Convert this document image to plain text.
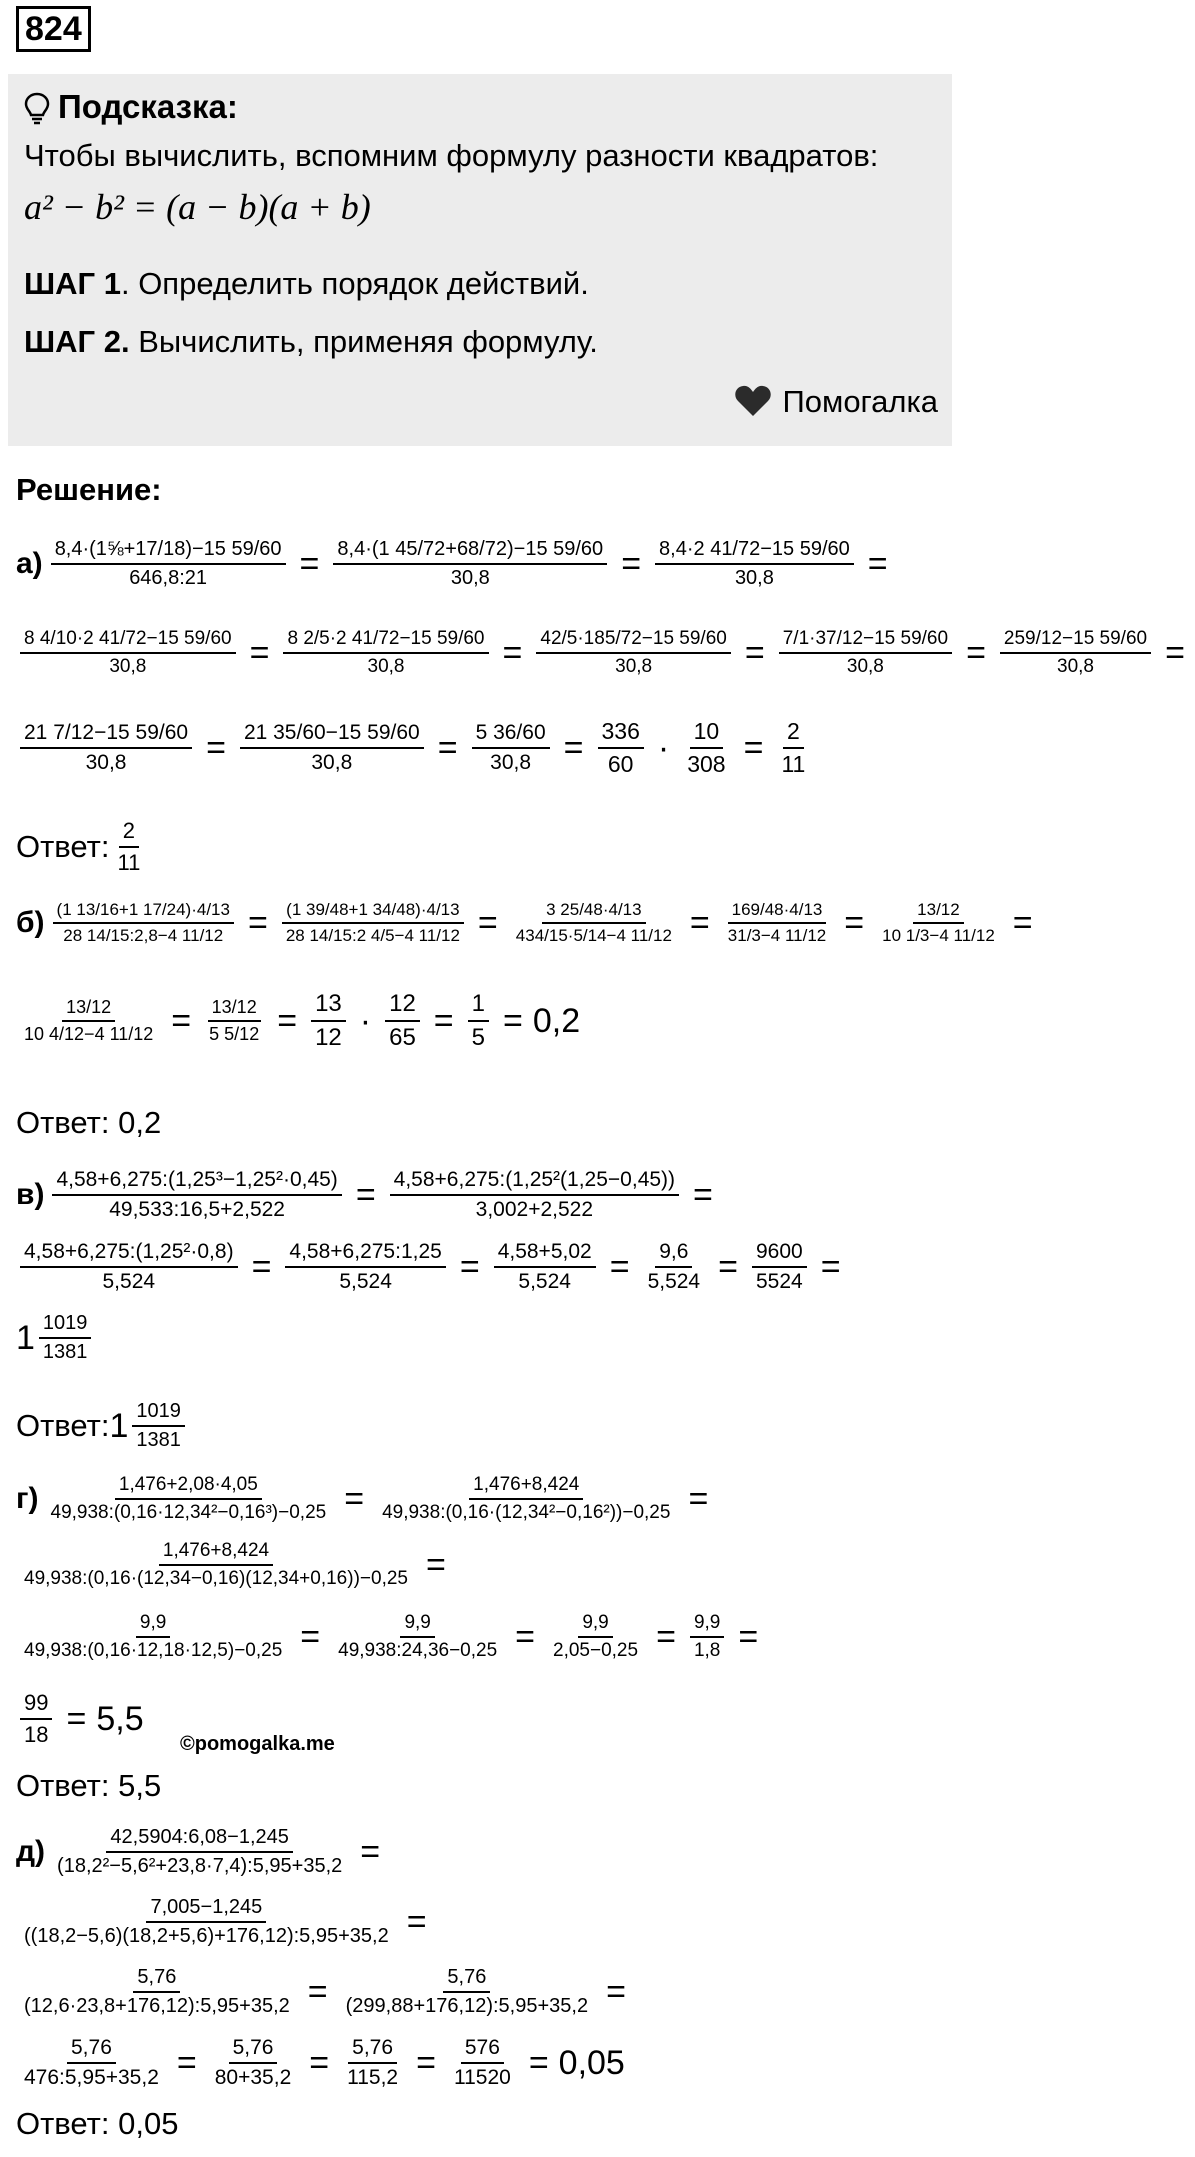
824
Подсказка:
Чтобы вычислить, вспомним формулу разности квадратов:
a² − b² = (a − b)(a + b)
ШАГ 1. Определить порядок действий.
ШАГ 2. Вычислить, применяя формулу.
Помогалка
Решение:
$а) \frac{\text{8,4·(1⅝+17/18)−15 59/60}}{646,8:21} = \frac{8,4\cdot(1 45/72+68/72)-15 59/60}{30,8} = \frac{8,4\cdot 2 41/72-15 59/60}{30,8}$ =
$\frac{8 4/10\cdot 2 41/72-15 59/60}{30,8} = \frac{8 2/5\cdot 2 41/72-15 59/60}{30,8} = \frac{42/5\cdot 185/72-15 59/60}{30,8} = \frac{7/1\cdot 37/12-15 59/60}{30,8} = \frac{259/12-15 59/60}{30,8}$ =
$\frac{21 7/12-15 59/60}{30,8} = \frac{21 35/60-15 59/60}{30,8} = \frac{5 36/60}{30,8} = \frac{336}{60} \cdot \frac{10}{308} = \frac{2}{11}$
Ответ: $\frac{2}{11}$
$б) \frac{(1 13/16+1 17/24)\cdot 4/13}{28 14/15:2,8-4 11/12} = \frac{(1 39/48+1 34/48)\cdot 4/13}{28 14/15:2 4/5-4 11/12} = \frac{3 25/48\cdot 4/13}{434/15\cdot 5/14-4 11/12} = \frac{169/48\cdot 4/13}{31/3-4 11/12} = \frac{13/12}{10 1/3-4 11/12}$ =
$\frac{13/12}{10 4/12-4 11/12} = \frac{13/12}{5 5/12} = \frac{13}{12} \cdot \frac{12}{65} = \frac{1}{5} = 0,2$
Ответ:
0,2
$в) \frac{\text{4,58+6,275:(1,25³−1,25²·0,45)}}{49,533:16,5+2,522} = \frac{\text{4,58+6,275:(1,25²(1,25−0,45))}}{3,002+2,522}$ =
$\frac{\text{4,58+6,275:(1,25²·0,8)}}{5,524} = \frac{4,58+6,275:1,25}{5,524} = \frac{4,58+5,02}{5,524} = \frac{9,6}{5,524} = \frac{9600}{5524}$ =
$1 \frac{1019}{1381}$
Ответ: $1 \frac{1019}{1381}$
$г) \frac{1,476+2,08\cdot 4,05}{\text{49,938:(0,16·12,34²−0,16³)−0,25}} = \frac{1,476+8,424}{\text{49,938:(0,16·(12,34²−0,16²))−0,25}}$ =
$\frac{1,476+8,424}{49,938:(0,16\cdot(12,34-0,16)(12,34+0,16))-0,25}$ =
$\frac{9,9}{49,938:(0,16\cdot 12,18\cdot 12,5)-0,25} = \frac{9,9}{49,938:24,36-0,25} = \frac{9,9}{2,05-0,25} = \frac{9,9}{1,8}$ =
$\frac{99}{18} = 5,5$
©pomogalka.me
Ответ:
5,5
$д) \frac{42,5904:6,08-1,245}{\text{(18,2²−5,6²+23,8·7,4):5,95+35,2}}$ =
$\frac{7,005-1,245}{((18,2-5,6)(18,2+5,6)+176,12):5,95+35,2}$ =
$\frac{5,76}{(12,6\cdot 23,8+176,12):5,95+35,2} = \frac{5,76}{(299,88+176,12):5,95+35,2}$ =
$\frac{5,76}{476:5,95+35,2} = \frac{5,76}{80+35,2} = \frac{5,76}{115,2} = \frac{576}{11520} = 0,05$
Ответ:
0,05
